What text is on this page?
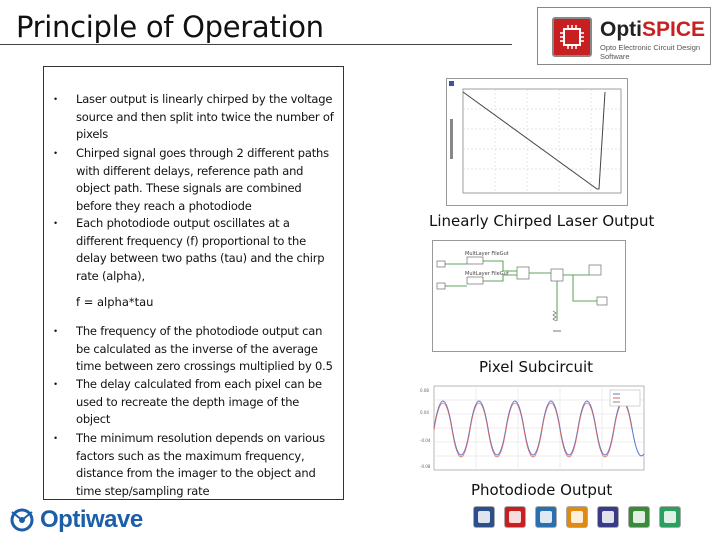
Principle of Operation	OptiSPICE
Opto Electronic Circuit Design Software
• Laser output is linearly chirped by the voltage source and then split into twice the number of pixels
• Chirped signal goes through 2 different paths with different delays, reference path and object path. These signals are combined before they reach a photodiode
• Each photodiode output oscillates at a different frequency (f) proportional to the delay between two paths (tau) and the chirp rate (alpha),
f = alpha*tau
• The frequency of the photodiode output can be calculated as the inverse of the average time between zero crossings multiplied by 0.5
• The delay calculated from each pixel can be used to recreate the depth image of the object
• The minimum resolution depends on various factors such as the maximum frequency, distance from the imager to the object and time step/sampling rate
Linearly Chirped Laser Output
MultLayer FileGut
MultLayer FileGut
Pixel Subcircuit
0.08
0.04
-0.04
-0.08
Photodiode Output
Optiwave
